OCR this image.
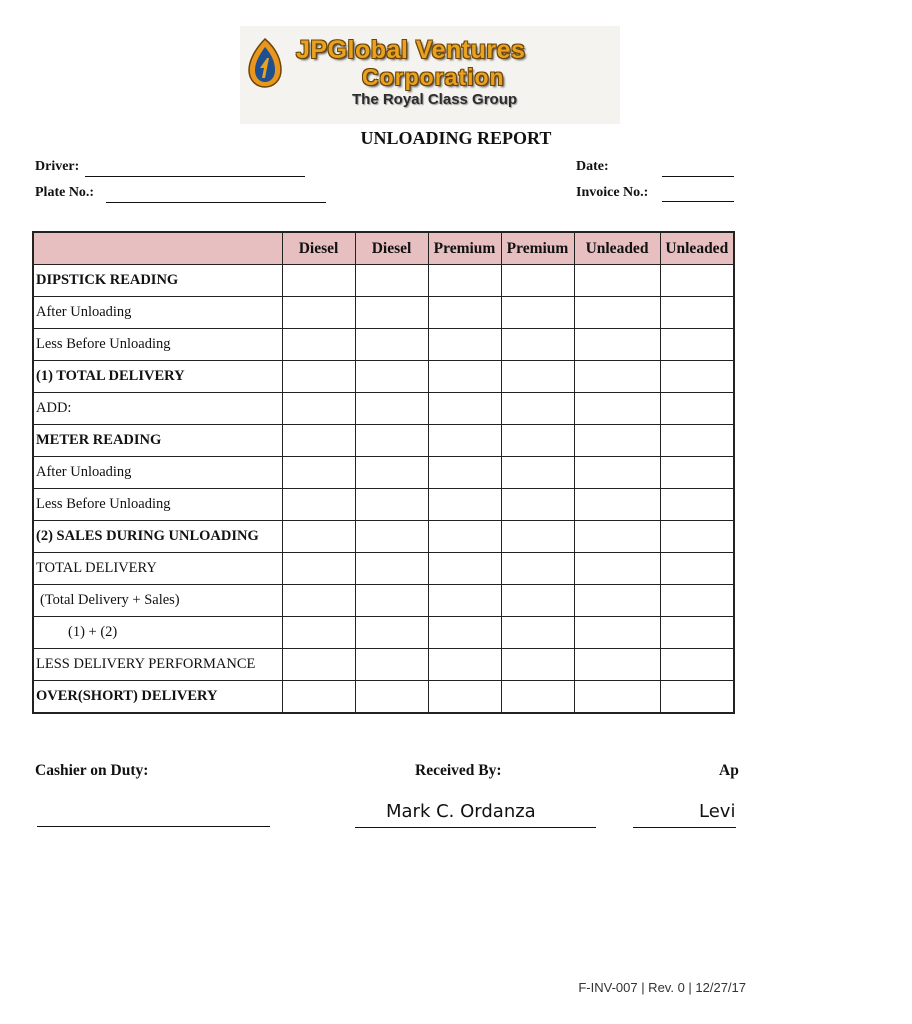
JPGlobal Ventures
Corporation
The Royal Class Group
UNLOADING REPORT
Driver:
Plate No.:
Date:
Invoice No.:
	Diesel	Diesel	Premium	Premium	Unleaded	Unleaded
DIPSTICK READING						
After Unloading						
Less Before Unloading						
(1) TOTAL DELIVERY						
ADD:						
METER READING						
After Unloading						
Less Before Unloading						
(2) SALES DURING UNLOADING						
TOTAL DELIVERY						
(Total Delivery + Sales)						
(1) + (2)						
LESS DELIVERY PERFORMANCE						
OVER(SHORT) DELIVERY						
Cashier on Duty:	Received By:
Mark C. Ordanza
Ap
Levi
F-INV-007 | Rev. 0 | 12/27/17
